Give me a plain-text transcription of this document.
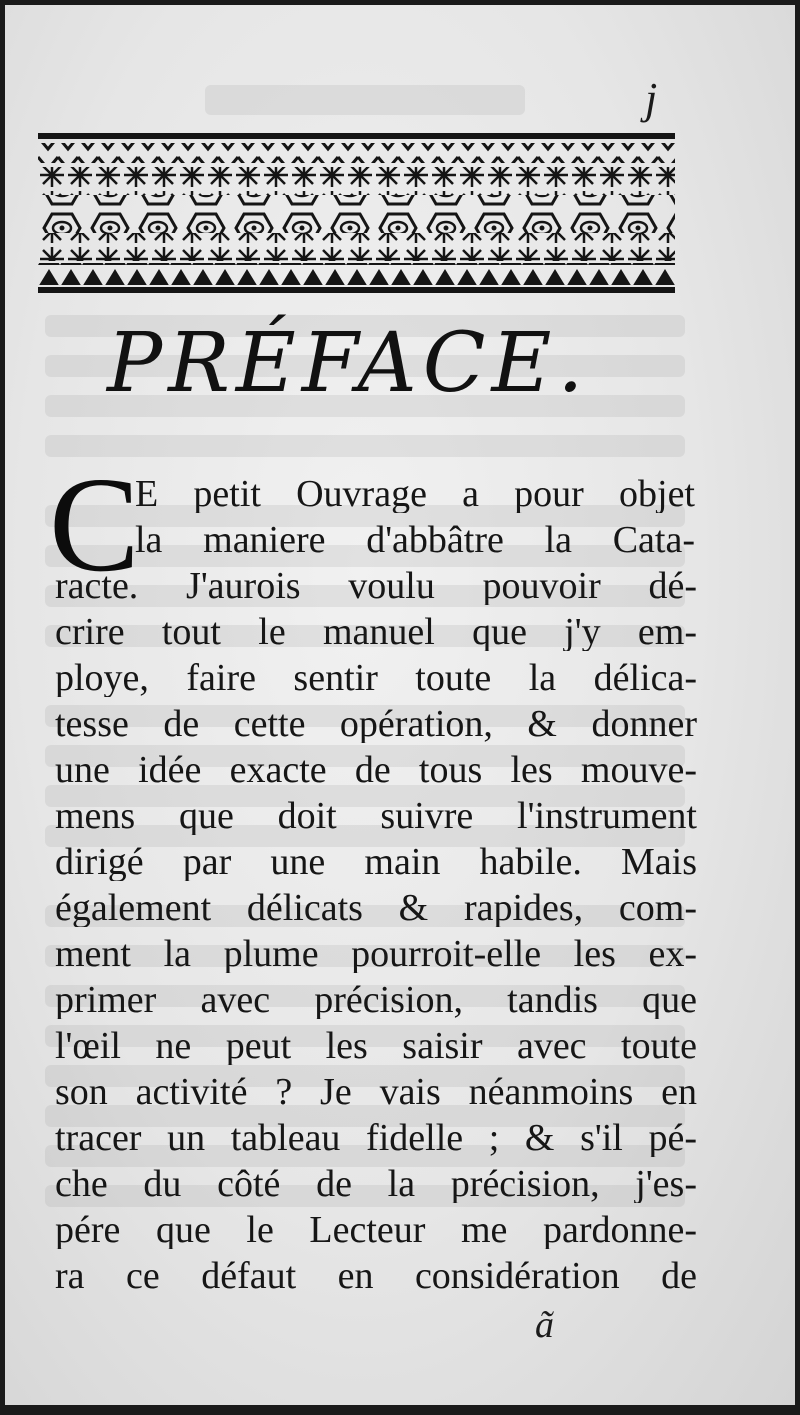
j
PRÉFACE.
C
E petit Ouvrage a pour objet
la maniere d'abbâtre la Cata-
racte. J'aurois voulu pouvoir dé-
crire tout le manuel que j'y em-
ploye, faire sentir toute la délica-
tesse de cette opération, & donner
une idée exacte de tous les mouve-
mens que doit suivre l'instrument
dirigé par une main habile. Mais
également délicats & rapides, com-
ment la plume pourroit-elle les ex-
primer avec précision, tandis que
l'œil ne peut les saisir avec toute
son activité ? Je vais néanmoins en
tracer un tableau fidelle ; & s'il pé-
che du côté de la précision, j'es-
pére que le Lecteur me pardonne-
ra ce défaut en considération de
ã
